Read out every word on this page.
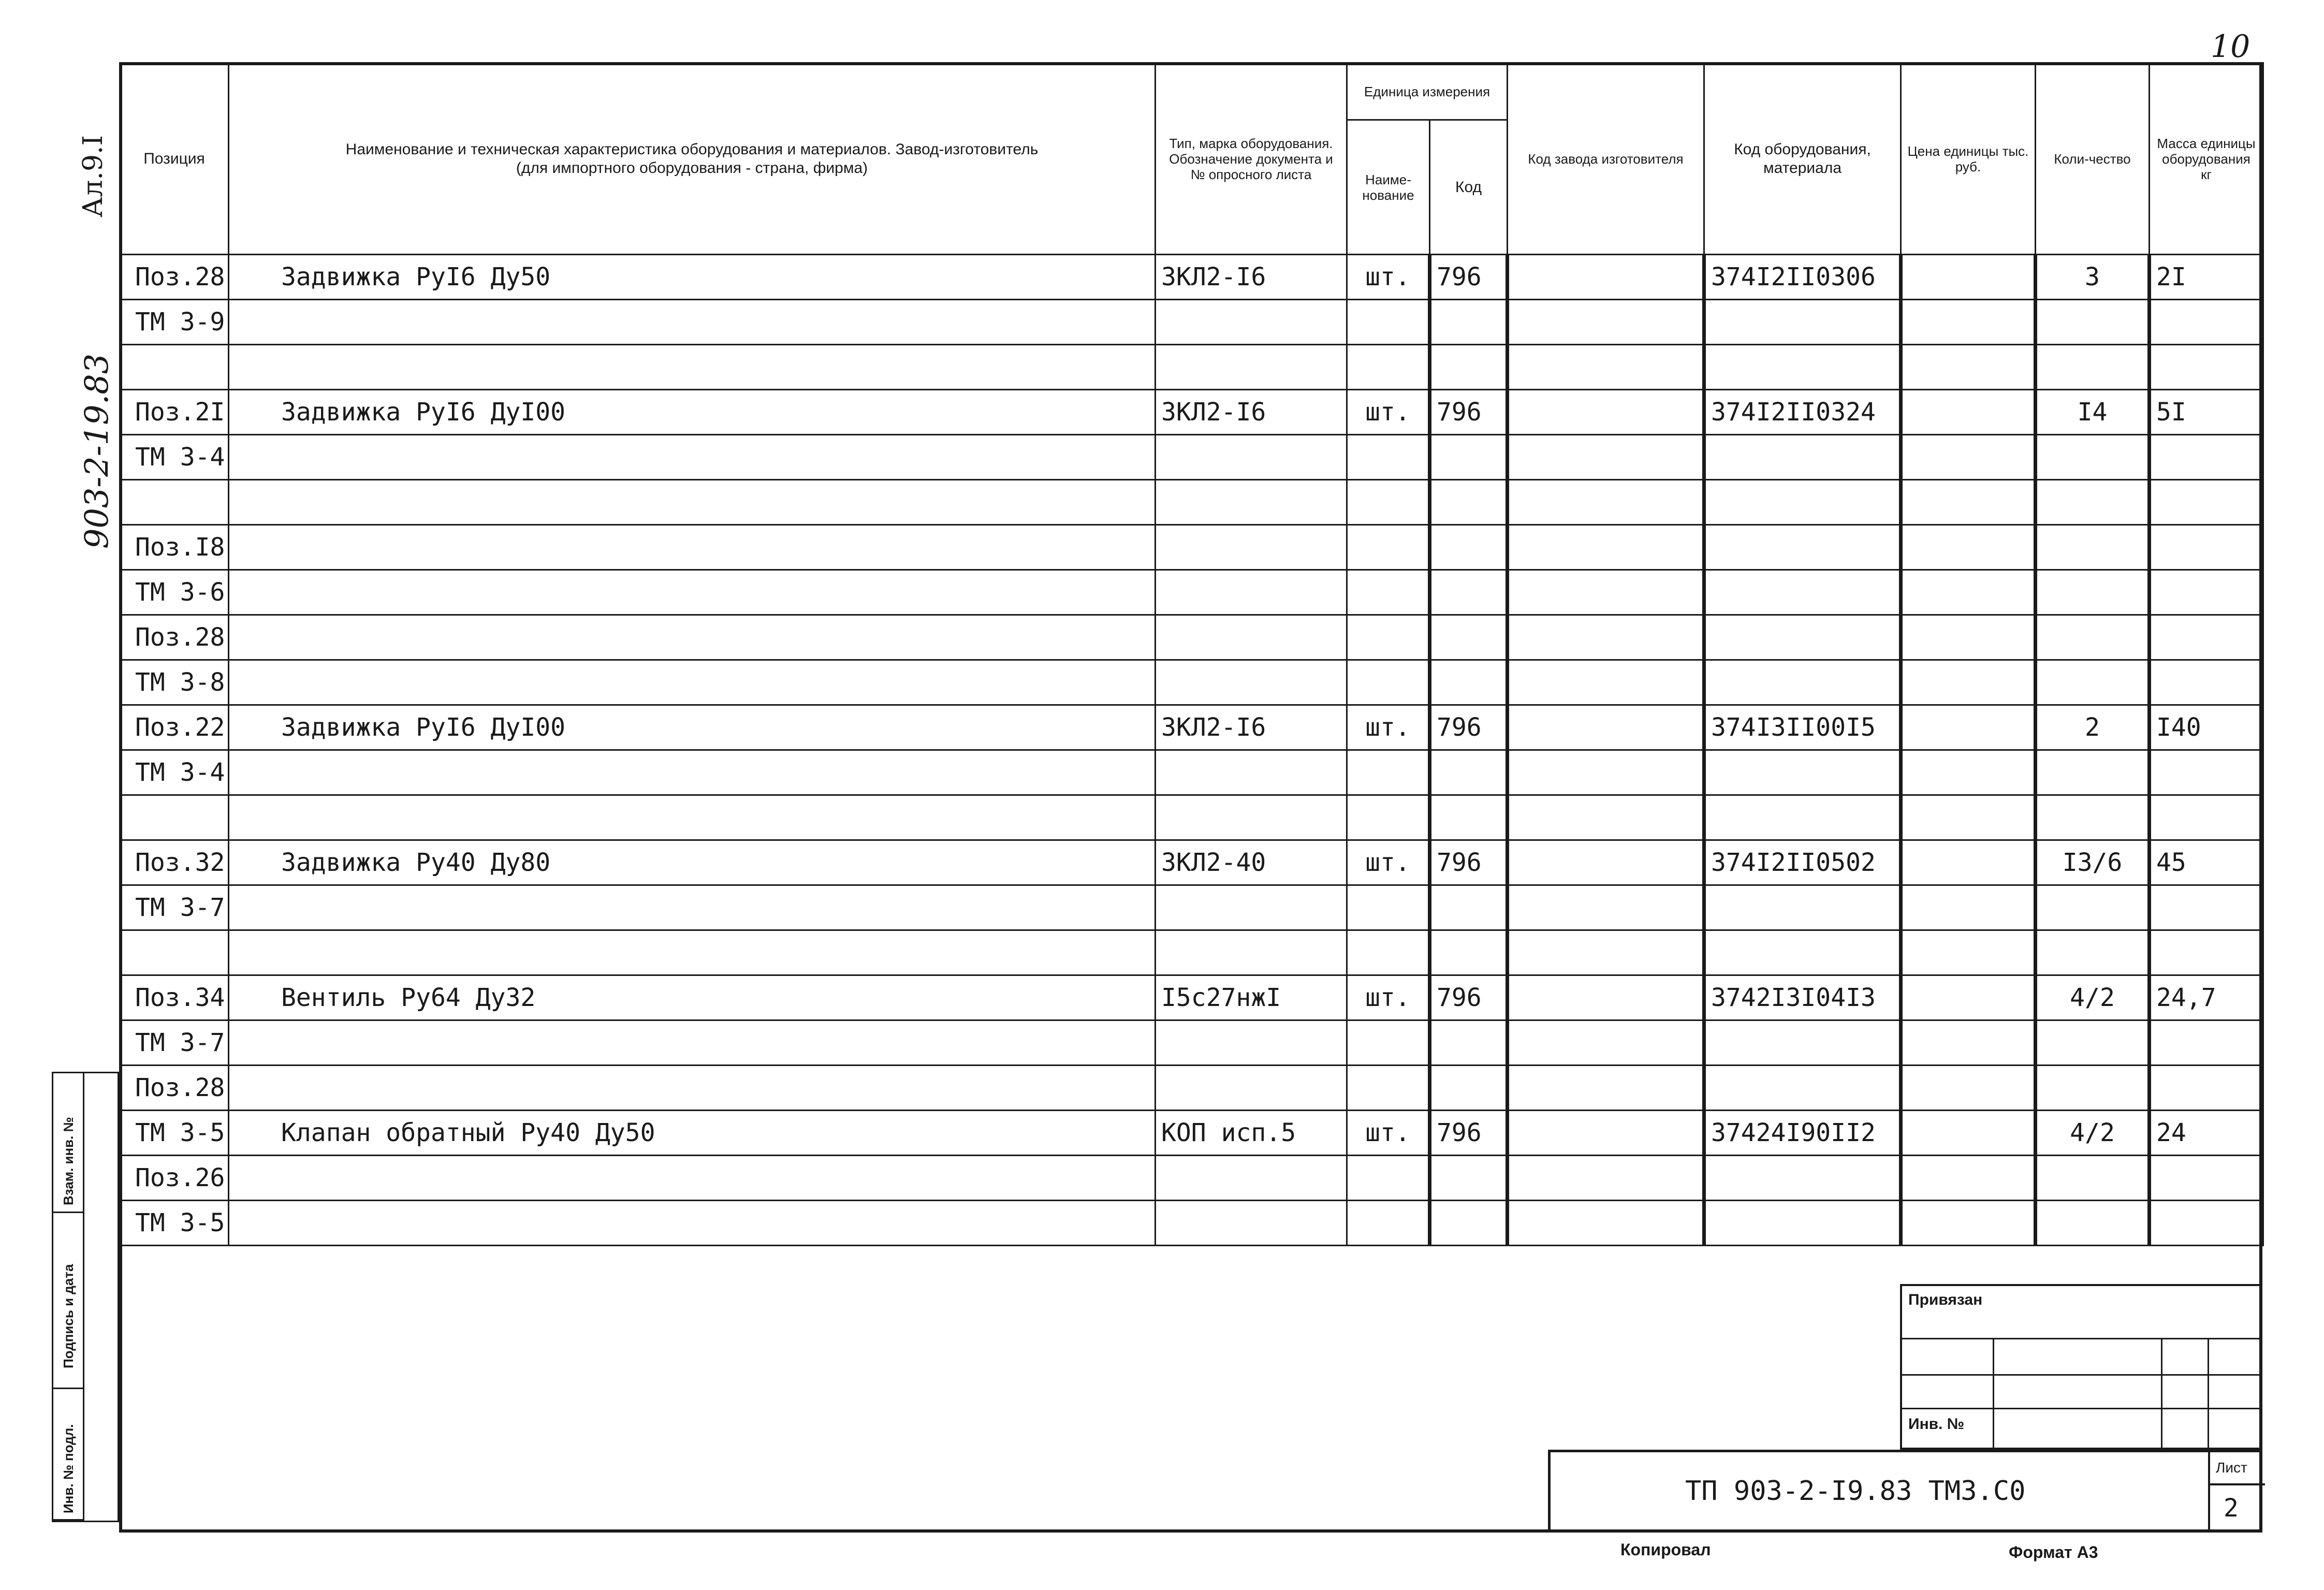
10
Ал.9.I
903-2-19.83
Позиция	Наименование и техническая характеристика оборудования и материалов. Завод-изготовитель (для импортного оборудования - страна, фирма)	Тип, марка оборудования. Обозначение документа и № опросного листа	Единица измерения		Код завода изготовителя	Код оборудования, материала	Цена единицы тыс. руб.	Коли-чество	Масса единицы оборудования кг
			Наиме-нование	Код					
Поз.28	Задвижка РуI6 Ду50	3КЛ2-I6	шт.	796		374I2II0306		3	2I
ТМ 3-9									

Поз.2I	Задвижка РуI6 ДуI00	3КЛ2-I6	шт.	796		374I2II0324		I4	5I
ТМ 3-4									

Поз.I8									
ТМ 3-6									
Поз.28									
ТМ 3-8									
Поз.22	Задвижка РуI6 ДуI00	3КЛ2-I6	шт.	796		374I3II00I5		2	I40
ТМ 3-4									

Поз.32	Задвижка Ру40 Ду80	3КЛ2-40	шт.	796		374I2II0502		I3/6	45
ТМ 3-7									

Поз.34	Вентиль Ру64 Ду32	I5с27нжI	шт.	796		3742I3I04I3		4/2	24,7
ТМ 3-7									
Поз.28									
ТМ 3-5	Клапан обратный Ру40 Ду50	КОП исп.5	шт.	796		37424I90II2		4/2	24
Поз.26									
ТМ 3-5									
Взам. инв. №
Подпись и дата
Инв. № подл.
Привязан
Инв. №
ТП 903-2-I9.83 ТМ3.С0
Лист
2
Копировал	Формат А3
